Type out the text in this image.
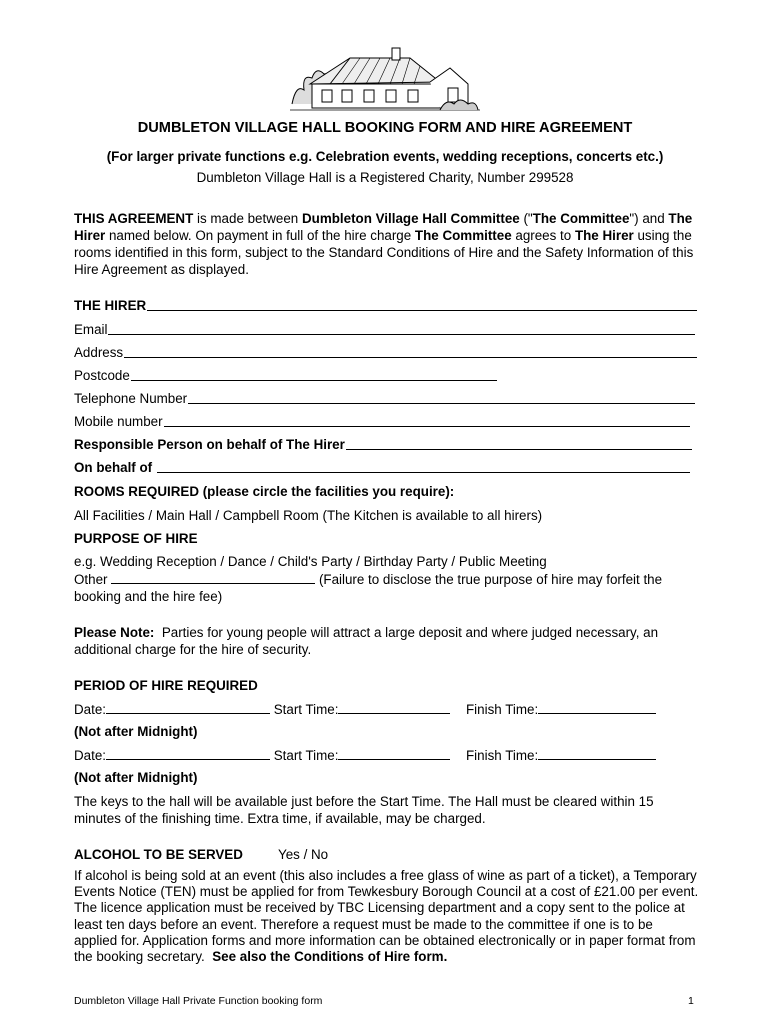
DUMBLETON VILLAGE HALL BOOKING FORM AND HIRE AGREEMENT
(For larger private functions e.g. Celebration events, wedding receptions, concerts etc.)
Dumbleton Village Hall is a Registered Charity, Number 299528
THIS AGREEMENT is made between Dumbleton Village Hall Committee ("The Committee") and The Hirer named below. On payment in full of the hire charge The Committee agrees to The Hirer using the rooms identified in this form, subject to the Standard Conditions of Hire and the Safety Information of this Hire Agreement as displayed.
THE HIRER
Email
Address
Postcode
Telephone Number
Mobile number
Responsible Person on behalf of The Hirer
On behalf of
ROOMS REQUIRED (please circle the facilities you require):
All Facilities / Main Hall / Campbell Room (The Kitchen is available to all hirers)
PURPOSE OF HIRE
e.g. Wedding Reception / Dance / Child's Party / Birthday Party / Public Meeting
Other	(Failure to disclose the true purpose of hire may forfeit the
booking and the hire fee)
Please Note:  Parties for young people will attract a large deposit and where judged necessary, an additional charge for the hire of security.
PERIOD OF HIRE REQUIRED
Date:	Start Time:	Finish Time:
(Not after Midnight)
Date:	Start Time:	Finish Time:
(Not after Midnight)
The keys to the hall will be available just before the Start Time. The Hall must be cleared within 15 minutes of the finishing time. Extra time, if available, may be charged.
ALCOHOL TO BE SERVED	Yes / No
If alcohol is being sold at an event (this also includes a free glass of wine as part of a ticket), a Temporary Events Notice (TEN) must be applied for from Tewkesbury Borough Council at a cost of £21.00 per event. The licence application must be received by TBC Licensing department and a copy sent to the police at least ten days before an event. Therefore a request must be made to the committee if one is to be applied for. Application forms and more information can be obtained electronically or in paper format from the booking secretary.  See also the Conditions of Hire form.
Dumbleton Village Hall Private Function booking form	1
